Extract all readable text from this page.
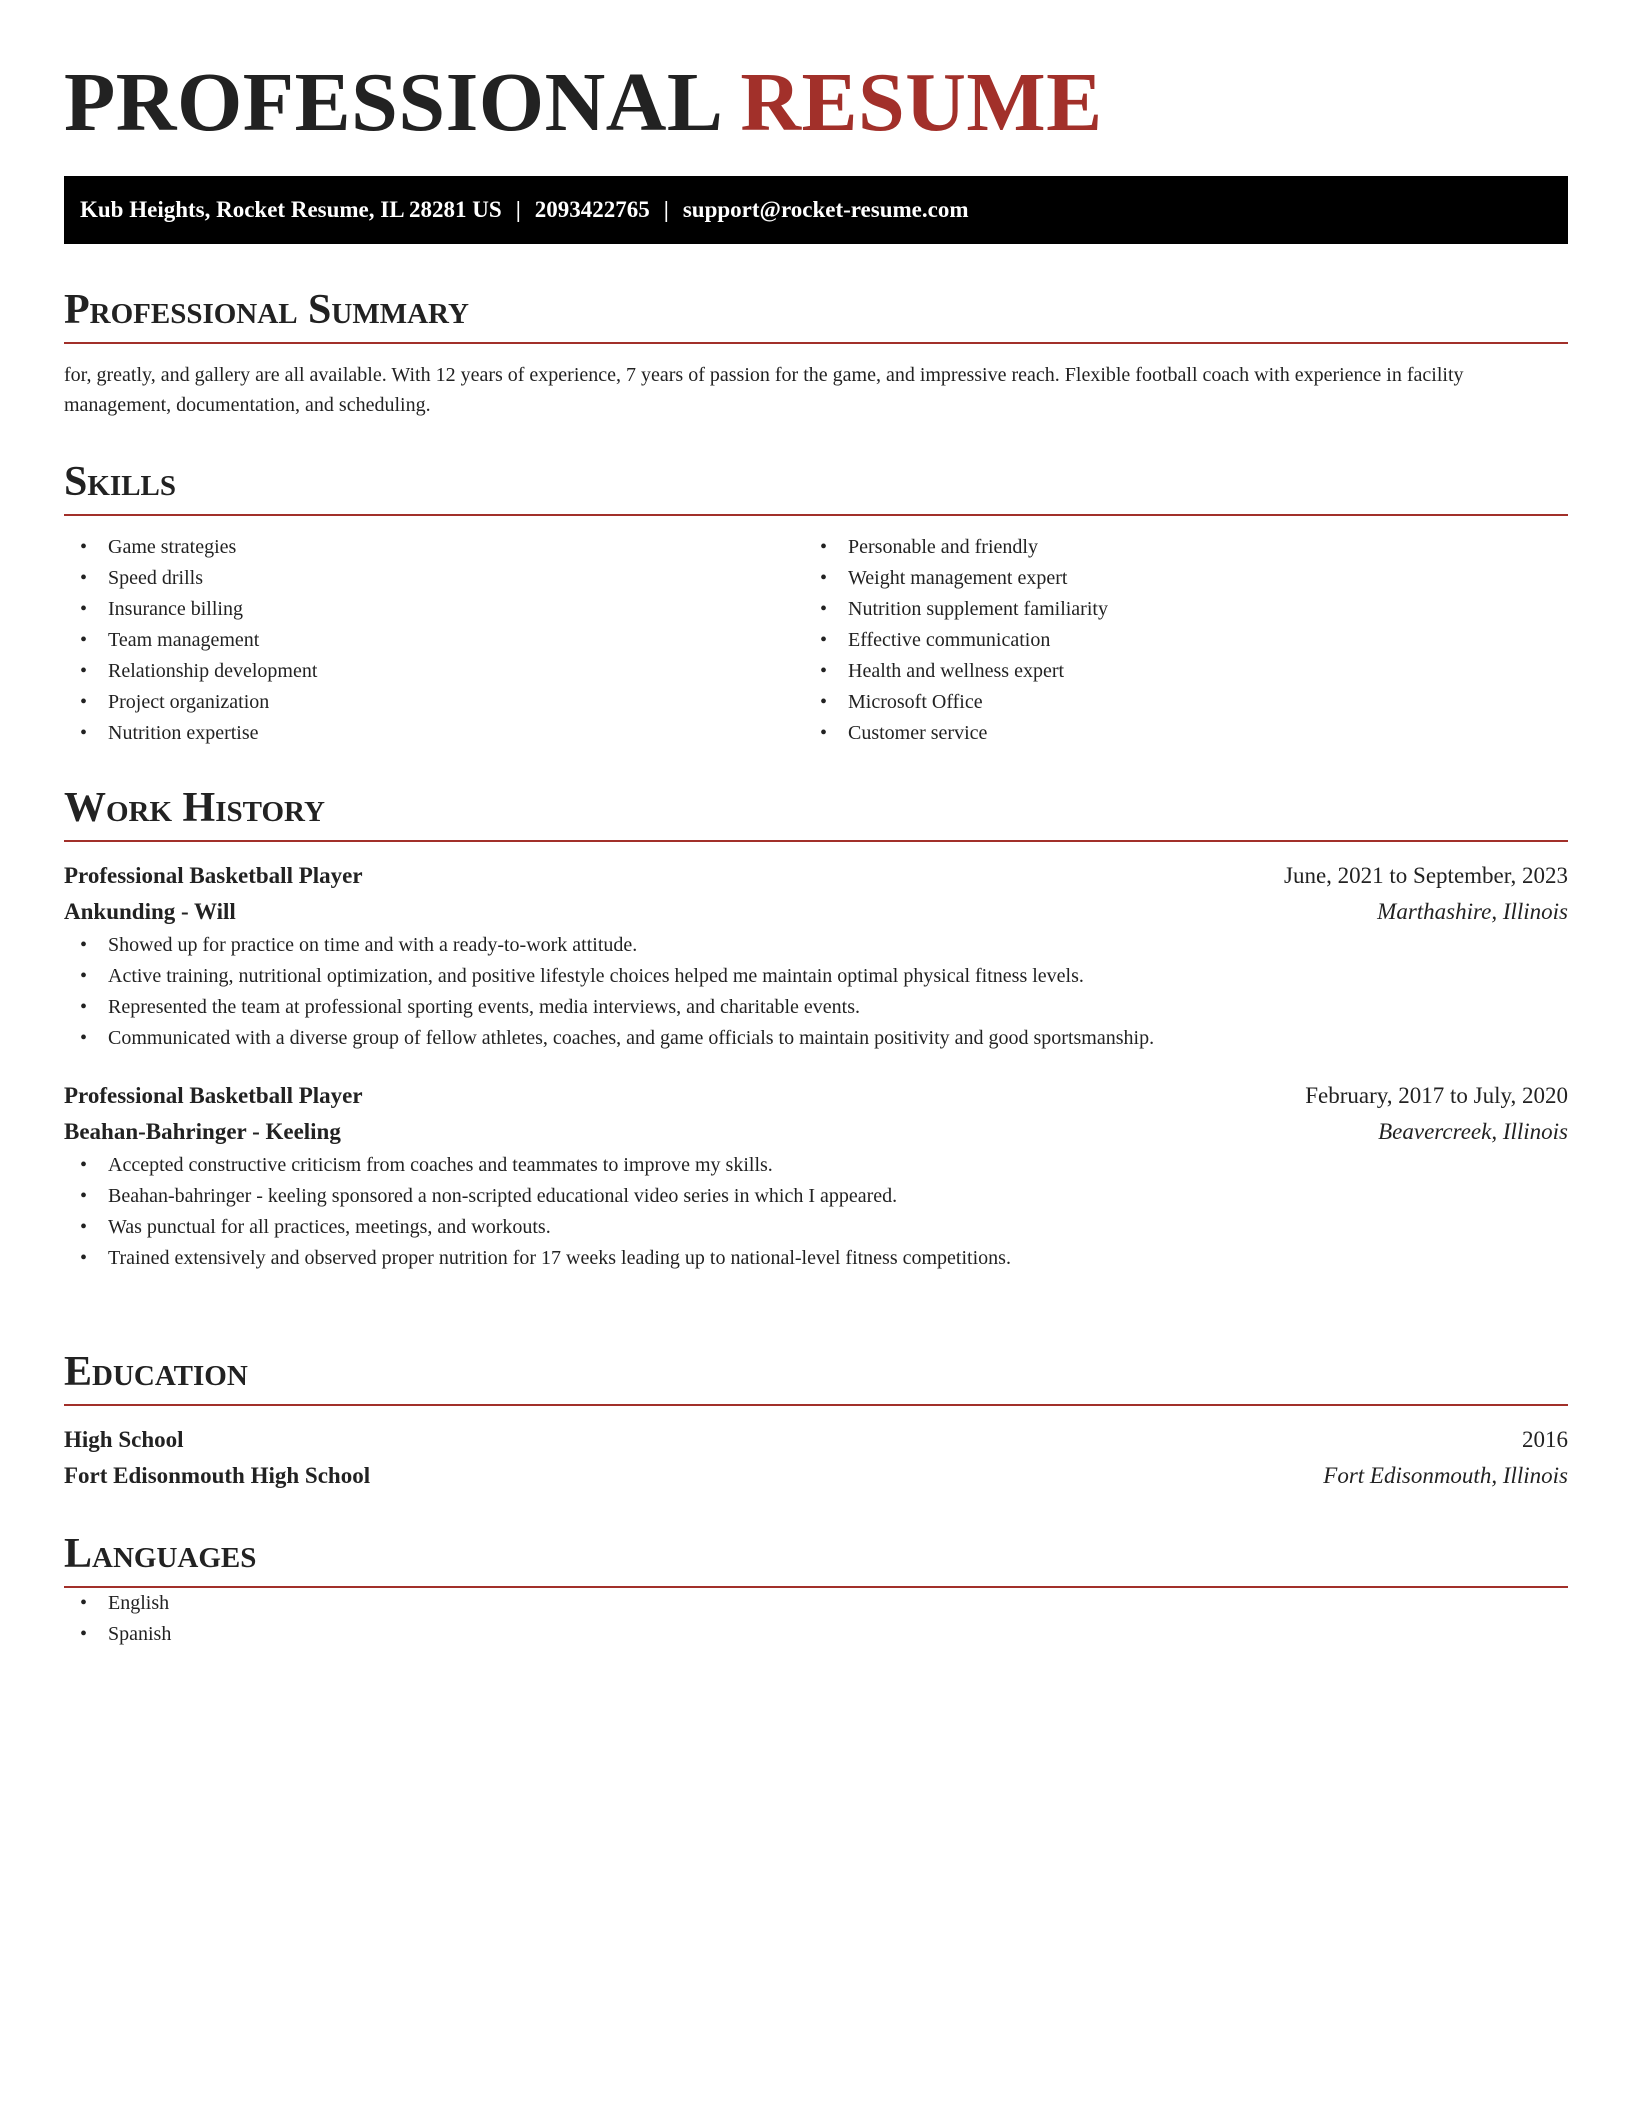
PROFESSIONAL RESUME
Kub Heights, Rocket Resume, IL 28281 US | 2093422765 | support@rocket-resume.com
Professional Summary

for, greatly, and gallery are all available. With 12 years of experience, 7 years of passion for the game, and impressive reach. Flexible football coach with experience in facility management, documentation, and scheduling.

Skills
• Game strategies
• Speed drills
• Insurance billing
• Team management
• Relationship development
• Project organization
• Nutrition expertise
• Personable and friendly
• Weight management expert
• Nutrition supplement familiarity
• Effective communication
• Health and wellness expert
• Microsoft Office
• Customer service
Work History
Professional Basketball Player	June, 2021 to September, 2023
Ankunding - Will	Marthashire, Illinois
• Showed up for practice on time and with a ready-to-work attitude.
• Active training, nutritional optimization, and positive lifestyle choices helped me maintain optimal physical fitness levels.
• Represented the team at professional sporting events, media interviews, and charitable events.
• Communicated with a diverse group of fellow athletes, coaches, and game officials to maintain positivity and good sportsmanship.
Professional Basketball Player	February, 2017 to July, 2020
Beahan-Bahringer - Keeling	Beavercreek, Illinois
• Accepted constructive criticism from coaches and teammates to improve my skills.
• Beahan-bahringer - keeling sponsored a non-scripted educational video series in which I appeared.
• Was punctual for all practices, meetings, and workouts.
• Trained extensively and observed proper nutrition for 17 weeks leading up to national-level fitness competitions.
Education
High School	2016
Fort Edisonmouth High School	Fort Edisonmouth, Illinois
Languages
• English
• Spanish
